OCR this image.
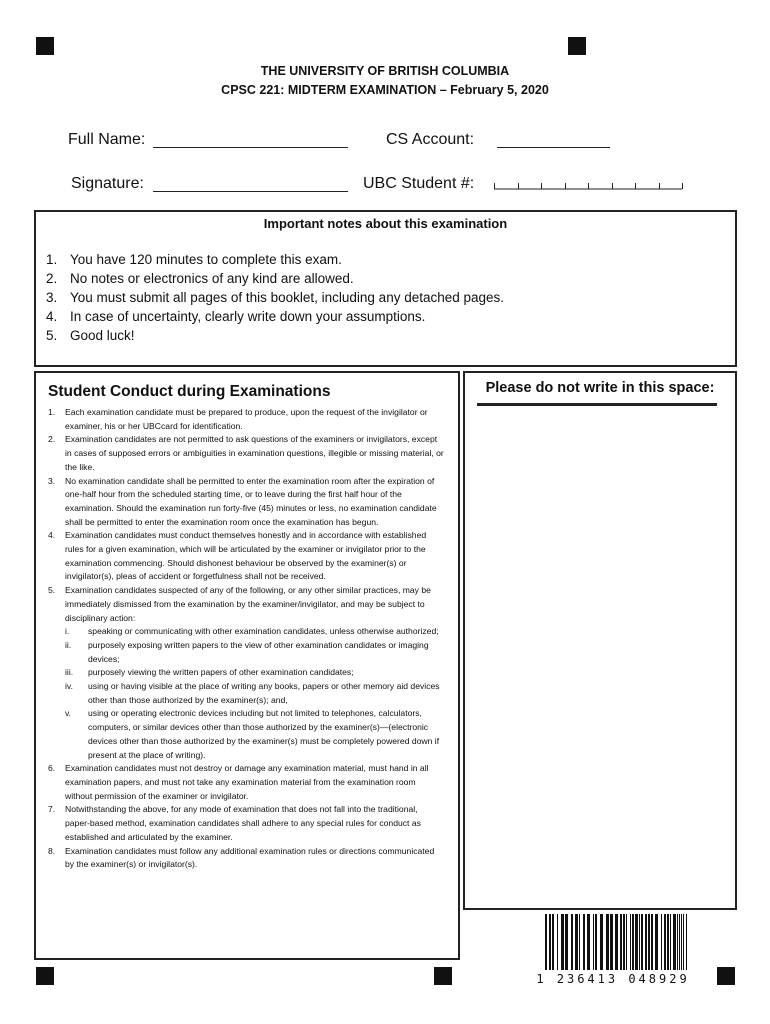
THE UNIVERSITY OF BRITISH COLUMBIA
CPSC 221: MIDTERM EXAMINATION – February 5, 2020
Full Name:	CS Account:
Signature:	UBC Student #:
Important notes about this examination
1. You have 120 minutes to complete this exam.
2. No notes or electronics of any kind are allowed.
3. You must submit all pages of this booklet, including any detached pages.
4. In case of uncertainty, clearly write down your assumptions.
5. Good luck!
Student Conduct during Examinations
1. Each examination candidate must be prepared to produce, upon the request of the invigilator or examiner, his or her UBCcard for identification.
2. Examination candidates are not permitted to ask questions of the examiners or invigilators, except in cases of supposed errors or ambiguities in examination questions, illegible or missing material, or the like.
3. No examination candidate shall be permitted to enter the examination room after the expiration of one-half hour from the scheduled starting time, or to leave during the first half hour of the examination. Should the examination run forty-five (45) minutes or less, no examination candidate shall be permitted to enter the examination room once the examination has begun.
4. Examination candidates must conduct themselves honestly and in accordance with established rules for a given examination, which will be articulated by the examiner or invigilator prior to the examination commencing. Should dishonest behaviour be observed by the examiner(s) or invigilator(s), pleas of accident or forgetfulness shall not be received.
5. Examination candidates suspected of any of the following, or any other similar practices, may be immediately dismissed from the examination by the examiner/invigilator, and may be subject to disciplinary action:
i. speaking or communicating with other examination candidates, unless otherwise authorized;
ii. purposely exposing written papers to the view of other examination candidates or imaging devices;
iii. purposely viewing the written papers of other examination candidates;
iv. using or having visible at the place of writing any books, papers or other memory aid devices other than those authorized by the examiner(s); and,
v. using or operating electronic devices including but not limited to telephones, calculators, computers, or similar devices other than those authorized by the examiner(s)—(electronic devices other than those authorized by the examiner(s) must be completely powered down if present at the place of writing).
6. Examination candidates must not destroy or damage any examination material, must hand in all examination papers, and must not take any examination material from the examination room without permission of the examiner or invigilator.
7. Notwithstanding the above, for any mode of examination that does not fall into the traditional, paper-based method, examination candidates shall adhere to any special rules for conduct as established and articulated by the examiner.
8. Examination candidates must follow any additional examination rules or directions communicated by the examiner(s) or invigilator(s).
Please do not write in this space:
1 236413 048929
